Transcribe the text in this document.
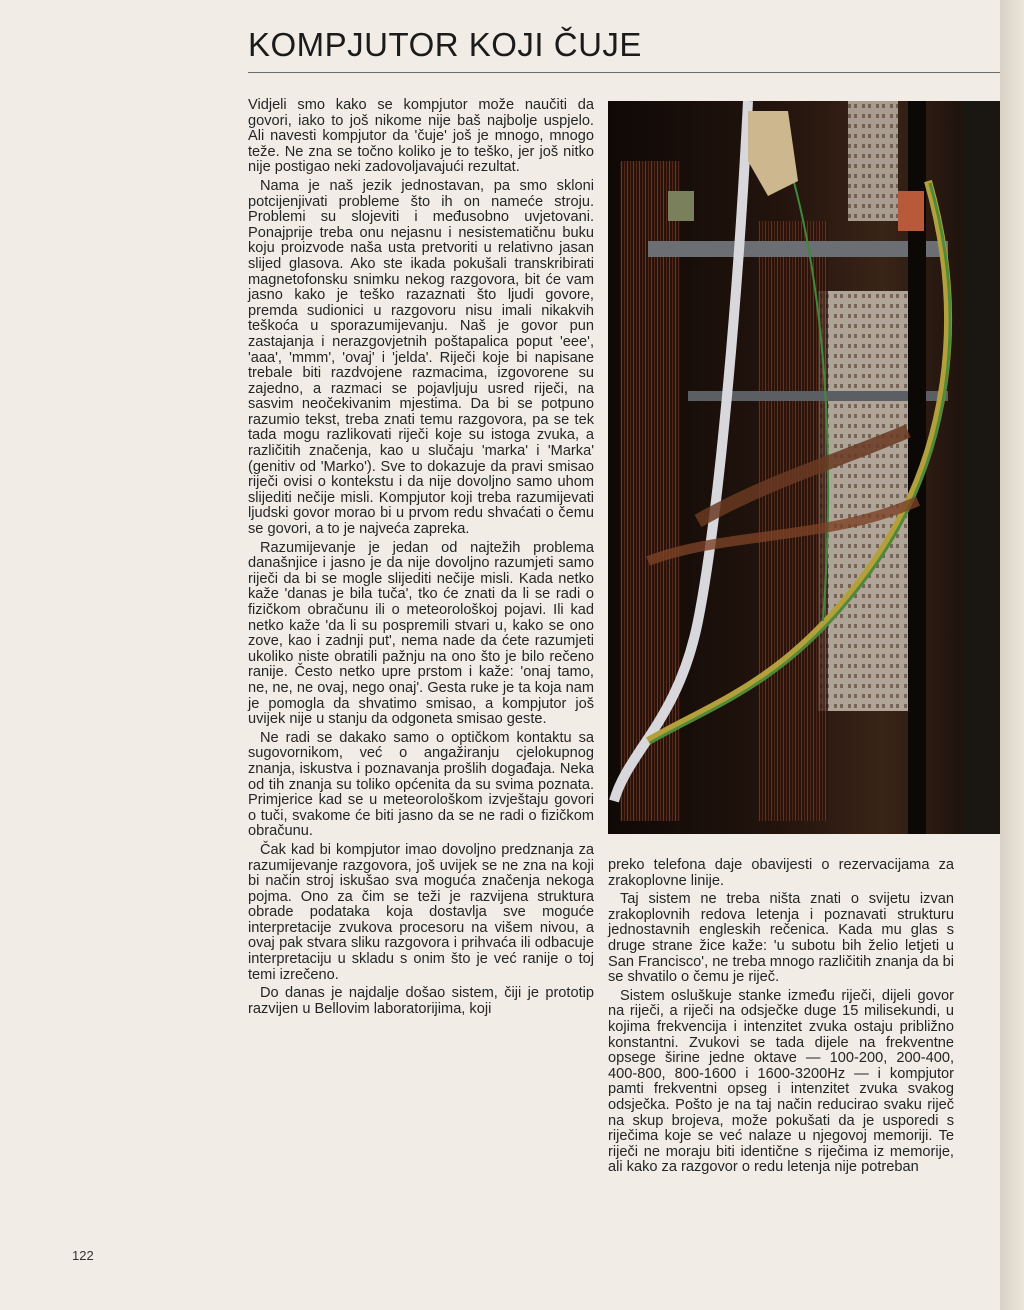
KOMPJUTOR KOJI ČUJE

Vidjeli smo kako se kompjutor može naučiti da govori, iako to još nikome nije baš najbolje uspjelo. Ali navesti kompjutor da 'čuje' još je mnogo, mnogo teže. Ne zna se točno koliko je to teško, jer još nitko nije postigao neki zadovoljavajući rezultat.

Nama je naš jezik jednostavan, pa smo skloni potcijenjivati probleme što ih on nameće stroju. Problemi su slojeviti i međusobno uvjetovani. Ponajprije treba onu nejasnu i nesistematičnu buku koju proizvode naša usta pretvoriti u relativno jasan slijed glasova. Ako ste ikada pokušali transkribirati magnetofonsku snimku nekog razgovora, bit će vam jasno kako je teško razaznati što ljudi govore, premda sudionici u razgovoru nisu imali nikakvih teškoća u sporazumijevanju. Naš je govor pun zastajanja i nerazgovjetnih poštapalica poput 'eee', 'aaa', 'mmm', 'ovaj' i 'jelda'. Riječi koje bi napisane trebale biti razdvojene razmacima, izgovorene su zajedno, a razmaci se pojavljuju usred riječi, na sasvim neočekivanim mjestima. Da bi se potpuno razumio tekst, treba znati temu razgovora, pa se tek tada mogu razlikovati riječi koje su istoga zvuka, a različitih značenja, kao u slučaju 'marka' i 'Marka' (genitiv od 'Marko'). Sve to dokazuje da pravi smisao riječi ovisi o kontekstu i da nije dovoljno samo uhom slijediti nečije misli. Kompjutor koji treba razumijevati ljudski govor morao bi u prvom redu shvaćati o čemu se govori, a to je najveća zapreka.

Razumijevanje je jedan od najtežih problema današnjice i jasno je da nije dovoljno razumjeti samo riječi da bi se mogle slijediti nečije misli. Kada netko kaže 'danas je bila tuča', tko će znati da li se radi o fizičkom obračunu ili o meteorološkoj pojavi. Ili kad netko kaže 'da li su pospremili stvari u, kako se ono zove, kao i zadnji put', nema nade da ćete razumjeti ukoliko niste obratili pažnju na ono što je bilo rečeno ranije. Često netko upre prstom i kaže: 'onaj tamo, ne, ne, ne ovaj, nego onaj'. Gesta ruke je ta koja nam je pomogla da shvatimo smisao, a kompjutor još uvijek nije u stanju da odgoneta smisao geste.

Ne radi se dakako samo o optičkom kontaktu sa sugovornikom, već o angažiranju cjelokupnog znanja, iskustva i poznavanja prošlih događaja. Neka od tih znanja su toliko općenita da su svima poznata. Primjerice kad se u meteorološkom izvještaju govori o tuči, svakome će biti jasno da se ne radi o fizičkom obračunu.

Čak kad bi kompjutor imao dovoljno predznanja za razumijevanje razgovora, još uvijek se ne zna na koji bi način stroj iskušao sva moguća značenja nekoga pojma. Ono za čim se teži je razvijena struktura obrade podataka koja dostavlja sve moguće interpretacije zvukova procesoru na višem nivou, a ovaj pak stvara sliku razgovora i prihvaća ili odbacuje interpretaciju u skladu s onim što je već ranije o toj temi izrečeno.

Do danas je najdalje došao sistem, čiji je prototip razvijen u Bellovim laboratorijima, koji

preko telefona daje obavijesti o rezervacijama za zrakoplovne linije.

Taj sistem ne treba ništa znati o svijetu izvan zrakoplovnih redova letenja i poznavati strukturu jednostavnih engleskih rečenica. Kada mu glas s druge strane žice kaže: 'u subotu bih želio letjeti u San Francisco', ne treba mnogo različitih znanja da bi se shvatilo o čemu je riječ.

Sistem osluškuje stanke između riječi, dijeli govor na riječi, a riječi na odsječke duge 15 milisekundi, u kojima frekvencija i intenzitet zvuka ostaju približno konstantni. Zvukovi se tada dijele na frekventne opsege širine jedne oktave — 100-200, 200-400, 400-800, 800-1600 i 1600-3200Hz — i kompjutor pamti frekventni opseg i intenzitet zvuka svakog odsječka. Pošto je na taj način reducirao svaku riječ na skup brojeva, može pokušati da je usporedi s riječima koje se već nalaze u njegovoj memoriji. Te riječi ne moraju biti identične s riječima iz memorije, ali kako za razgovor o redu letenja nije potreban

122
